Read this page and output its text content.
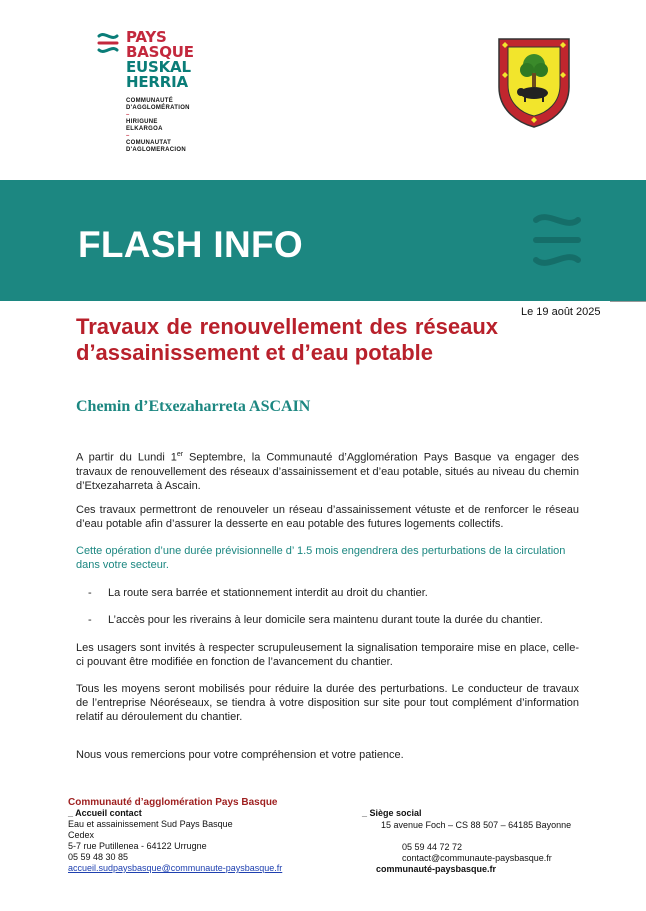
PAYS
BASQUE
EUSKAL
HERRIA
COMMUNAUTÉ
D'AGGLOMÉRATION
–
HIRIGUNE
ELKARGOA
–
COMUNAUTAT
D'AGLOMERACION
FLASH INFO
Le 19 août 2025
Travaux de renouvellement des réseaux d’assainissement et d’eau potable
Chemin d’Etxezaharreta ASCAIN
A partir du Lundi 1er Septembre, la Communauté d’Agglomération Pays Basque va engager des travaux de renouvellement des réseaux d’assainissement et d’eau potable, situés au niveau du chemin d’Etxezaharreta à Ascain.
Ces travaux permettront de renouveler un réseau d’assainissement vétuste et de renforcer le réseau d’eau potable afin d’assurer la desserte en eau potable des futures logements collectifs.
Cette opération d’une durée prévisionnelle d’ 1.5 mois engendrera des perturbations de la circulation dans votre secteur.
- La route sera barrée et stationnement interdit au droit du chantier.
- L’accès pour les riverains à leur domicile sera maintenu durant toute la durée du chantier.
Les usagers sont invités à respecter scrupuleusement la signalisation temporaire mise en place, celle-ci pouvant être modifiée en fonction de l’avancement du chantier.
Tous les moyens seront mobilisés pour réduire la durée des perturbations. Le conducteur de travaux de l’entreprise Néoréseaux, se tiendra à votre disposition sur site pour tout complément d’information relatif au déroulement du chantier.
Nous vous remercions pour votre compréhension et votre patience.
Communauté d’agglomération Pays Basque
_ Accueil contact
Eau et assainissement Sud Pays Basque
Cedex
5-7 rue Putillenea - 64122 Urrugne
05 59 48 30 85
accueil.sudpaysbasque@communaute-paysbasque.fr
_ Siège social
15 avenue Foch – CS 88 507 – 64185 Bayonne
05 59 44 72 72
contact@communaute-paysbasque.fr
communauté-paysbasque.fr
